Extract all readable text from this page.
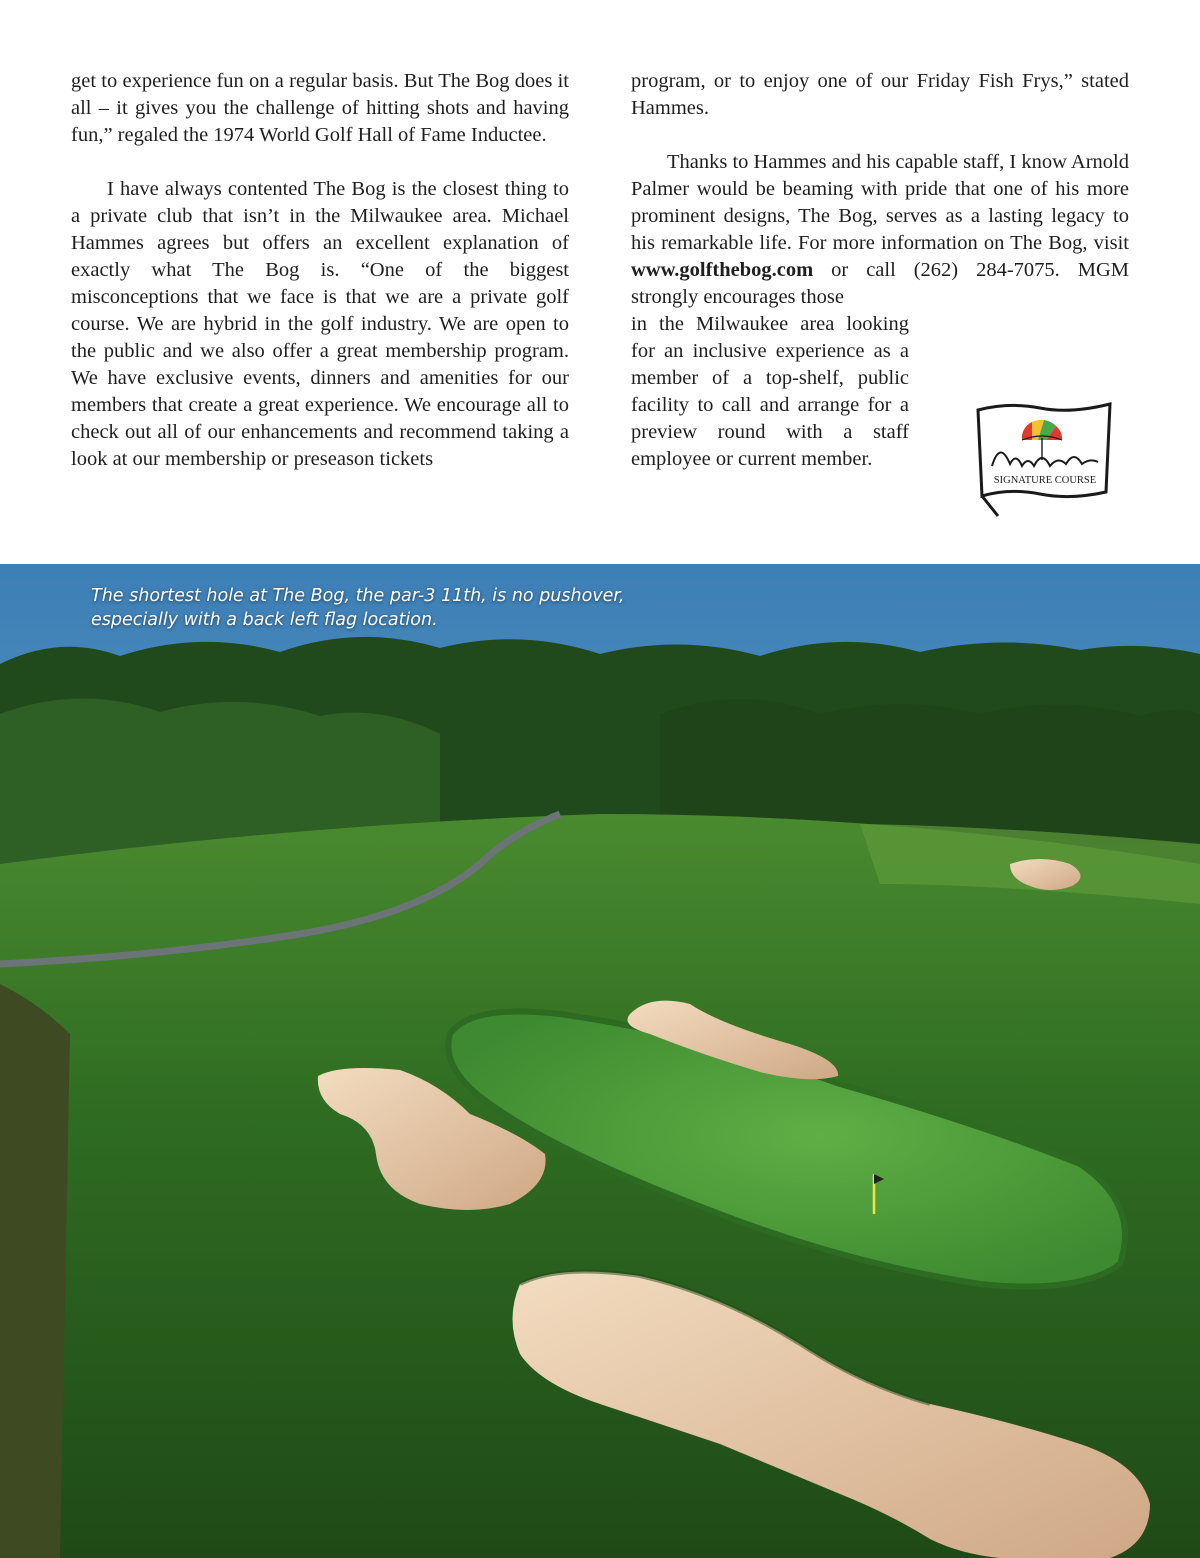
get to experience fun on a regular basis. But The Bog does it all – it gives you the challenge of hitting shots and having fun,” regaled the 1974 World Golf Hall of Fame Inductee.

I have always contented The Bog is the closest thing to a private club that isn’t in the Milwaukee area. Michael Hammes agrees but offers an excellent explanation of exactly what The Bog is. “One of the biggest misconceptions that we face is that we are a private golf course. We are hybrid in the golf industry. We are open to the public and we also offer a great membership program. We have exclusive events, dinners and amenities for our members that create a great experience. We encourage all to check out all of our enhancements and recommend taking a look at our membership or preseason tickets

program, or to enjoy one of our Friday Fish Frys,” stated Hammes.

Thanks to Hammes and his capable staff, I know Arnold Palmer would be beaming with pride that one of his more prominent designs, The Bog, serves as a lasting legacy to his remarkable life. For more information on The Bog, visit www.golfthebog.com or call (262) 284-7075. MGM strongly encourages those

in the Milwaukee area looking for an inclusive experience as a member of a top-shelf, public facility to call and arrange for a preview round with a staff employee or current member.

SIGNATURE COURSE
The shortest hole at The Bog, the par-3 11th, is no pushover,
especially with a back left flag location.
